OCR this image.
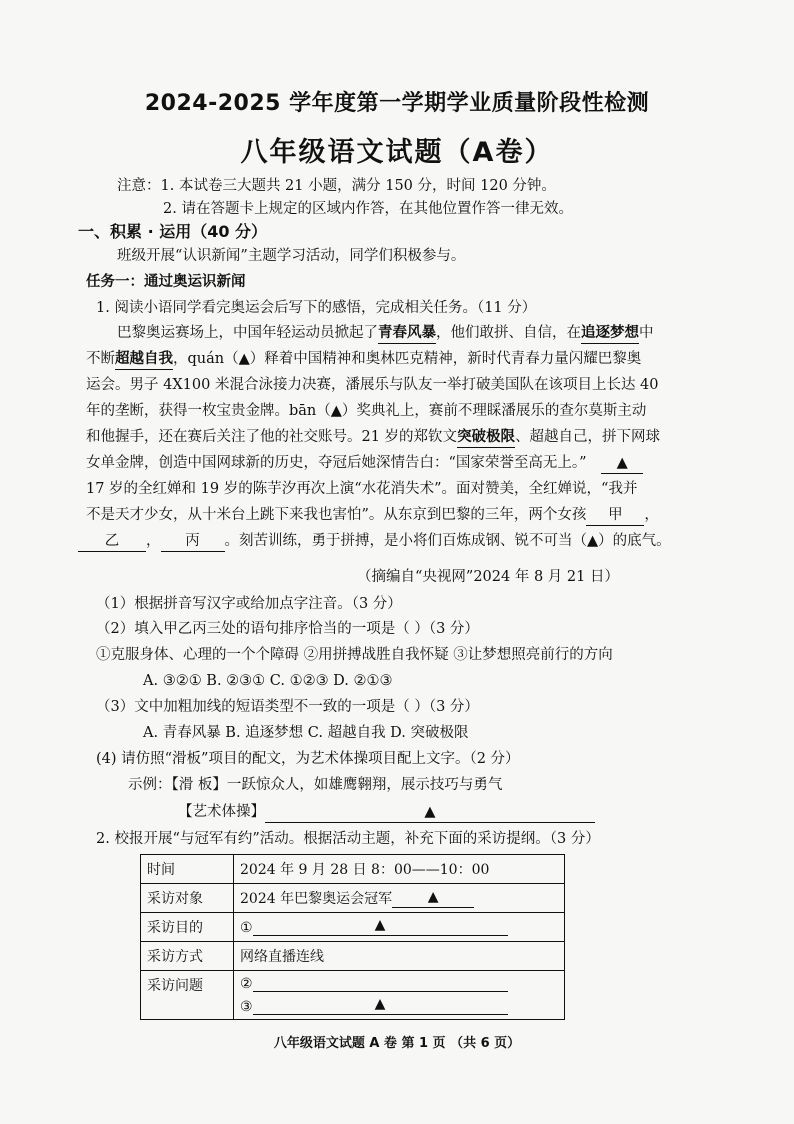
2024-2025 学年度第一学期学业质量阶段性检测
八年级语文试题（A卷）
注意：1. 本试卷三大题共 21 小题，满分 150 分，时间 120 分钟。
2. 请在答题卡上规定的区域内作答，在其他位置作答一律无效。
一、积累 · 运用（40 分）
班级开展“认识新闻”主题学习活动，同学们积极参与。
任务一：通过奥运识新闻
1. 阅读小语同学看完奥运会后写下的感悟，完成相关任务。（11 分）
巴黎奥运赛场上，中国年轻运动员掀起了青春风暴，他们敢拼、自信，在追逐梦想中
不断超越自我，quán（▲）释着中国精神和奥林匹克精神，新时代青春力量闪耀巴黎奥
运会。男子 4X100 米混合泳接力决赛，潘展乐与队友一举打破美国队在该项目上长达 40
年的垄断，获得一枚宝贵金牌。bān（▲）奖典礼上，赛前不理睬潘展乐的查尔莫斯主动
和他握手，还在赛后关注了他的社交账号。21 岁的郑钦文突破极限、超越自己，拼下网球
女单金牌，创造中国网球新的历史，夺冠后她深情告白：“国家荣誉至高无上。” ▲
17 岁的全红婵和 19 岁的陈芋汐再次上演“水花消失术”。面对赞美，全红婵说，“我并
不是天才少女，从十米台上跳下来我也害怕”。从东京到巴黎的三年，两个女孩 甲 ，
乙 ， 丙 。刻苦训练，勇于拼搏，是小将们百炼成钢、锐不可当（▲）的底气。
（摘编自“央视网”2024 年 8 月 21 日）
（1）根据拼音写汉字或给加点字注音。（3 分）
（2）填入甲乙丙三处的语句排序恰当的一项是（ ）（3 分）
①克服身体、心理的一个个障碍 ②用拼搏战胜自我怀疑 ③让梦想照亮前行的方向
A. ③②① B. ②③① C. ①②③ D. ②①③
（3）文中加粗加线的短语类型不一致的一项是（ ）（3 分）
A. 青春风暴 B. 追逐梦想 C. 超越自我 D. 突破极限
(4) 请仿照“滑板”项目的配文，为艺术体操项目配上文字。（2 分）
示例：【滑 板】一跃惊众人，如雄鹰翱翔，展示技巧与勇气
【艺术体操】	▲
2. 校报开展“与冠军有约”活动。根据活动主题，补充下面的采访提纲。（3 分）
时间	2024 年 9 月 28 日 8：00——10：00
采访对象	2024 年巴黎奥运会冠军 ▲

采访目的	① ▲

采访方式	网络直播连线
采访问题	②
③ ▲
八年级语文试题 A 卷 第 1 页 （共 6 页）
